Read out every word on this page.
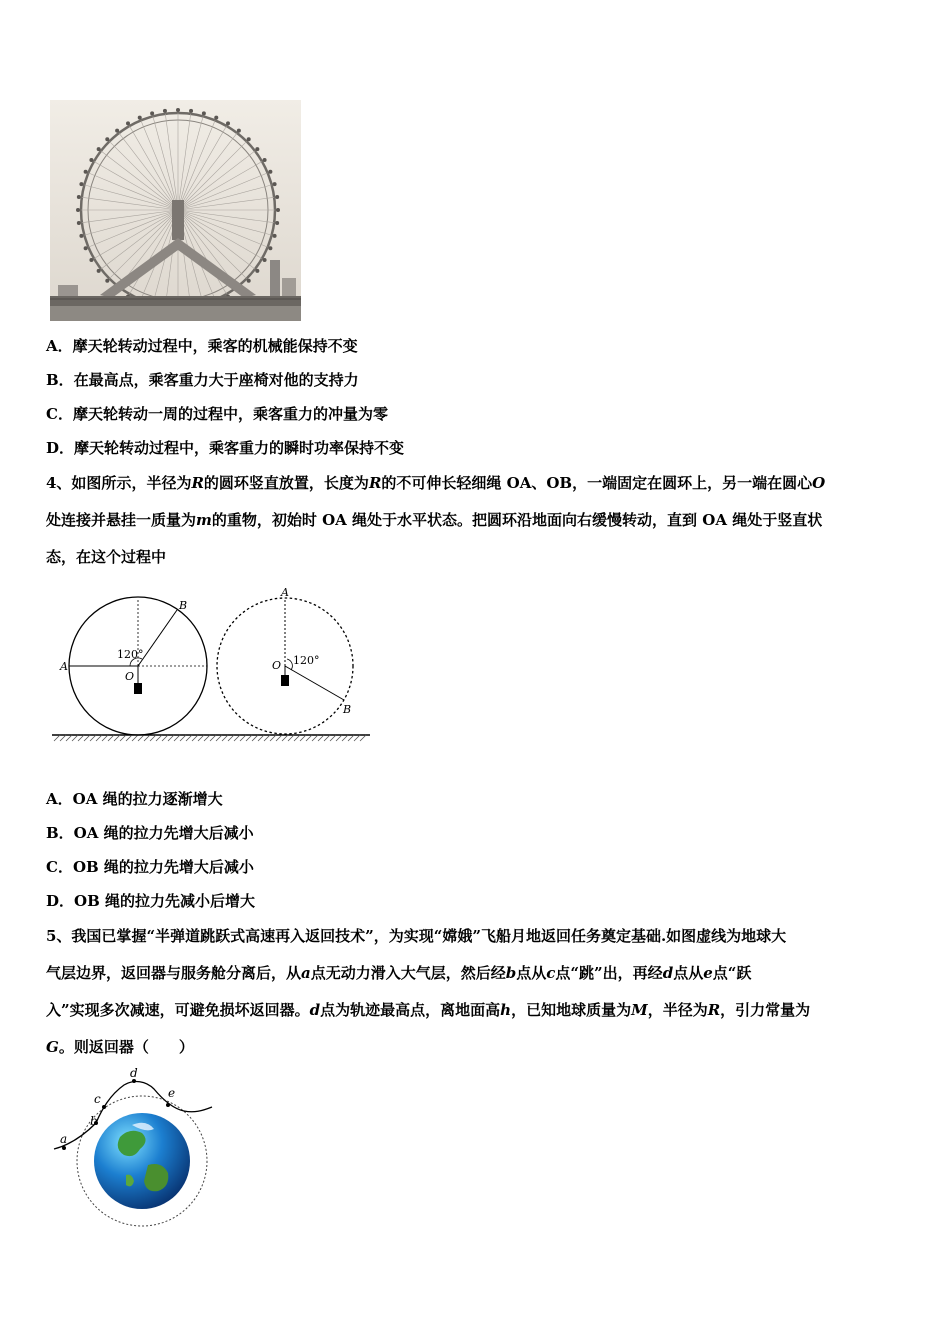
A．摩天轮转动过程中，乘客的机械能保持不变
B．在最高点，乘客重力大于座椅对他的支持力
C．摩天轮转动一周的过程中，乘客重力的冲量为零
D．摩天轮转动过程中，乘客重力的瞬时功率保持不变
4、如图所示，半径为R的圆环竖直放置，长度为R的不可伸长轻细绳 OA、OB，一端固定在圆环上，另一端在圆心O
处连接并悬挂一质量为m的重物，初始时 OA 绳处于水平状态。把圆环沿地面向右缓慢转动，直到 OA 绳处于竖直状
态，在这个过程中
A
B
O
120°
A
B
O 120°
A．OA 绳的拉力逐渐增大
B．OA 绳的拉力先增大后减小
C．OB 绳的拉力先增大后减小
D．OB 绳的拉力先减小后增大
5、我国已掌握“半弹道跳跃式高速再入返回技术”，为实现“嫦娥”飞船月地返回任务奠定基础.如图虚线为地球大
气层边界，返回器与服务舱分离后，从a点无动力滑入大气层，然后经b点从c点“跳”出，再经d点从e点“跃
入”实现多次减速，可避免损坏返回器。d点为轨迹最高点，离地面高h，已知地球质量为M，半径为R，引力常量为
G。则返回器（　　）
a
b
c
d
e
